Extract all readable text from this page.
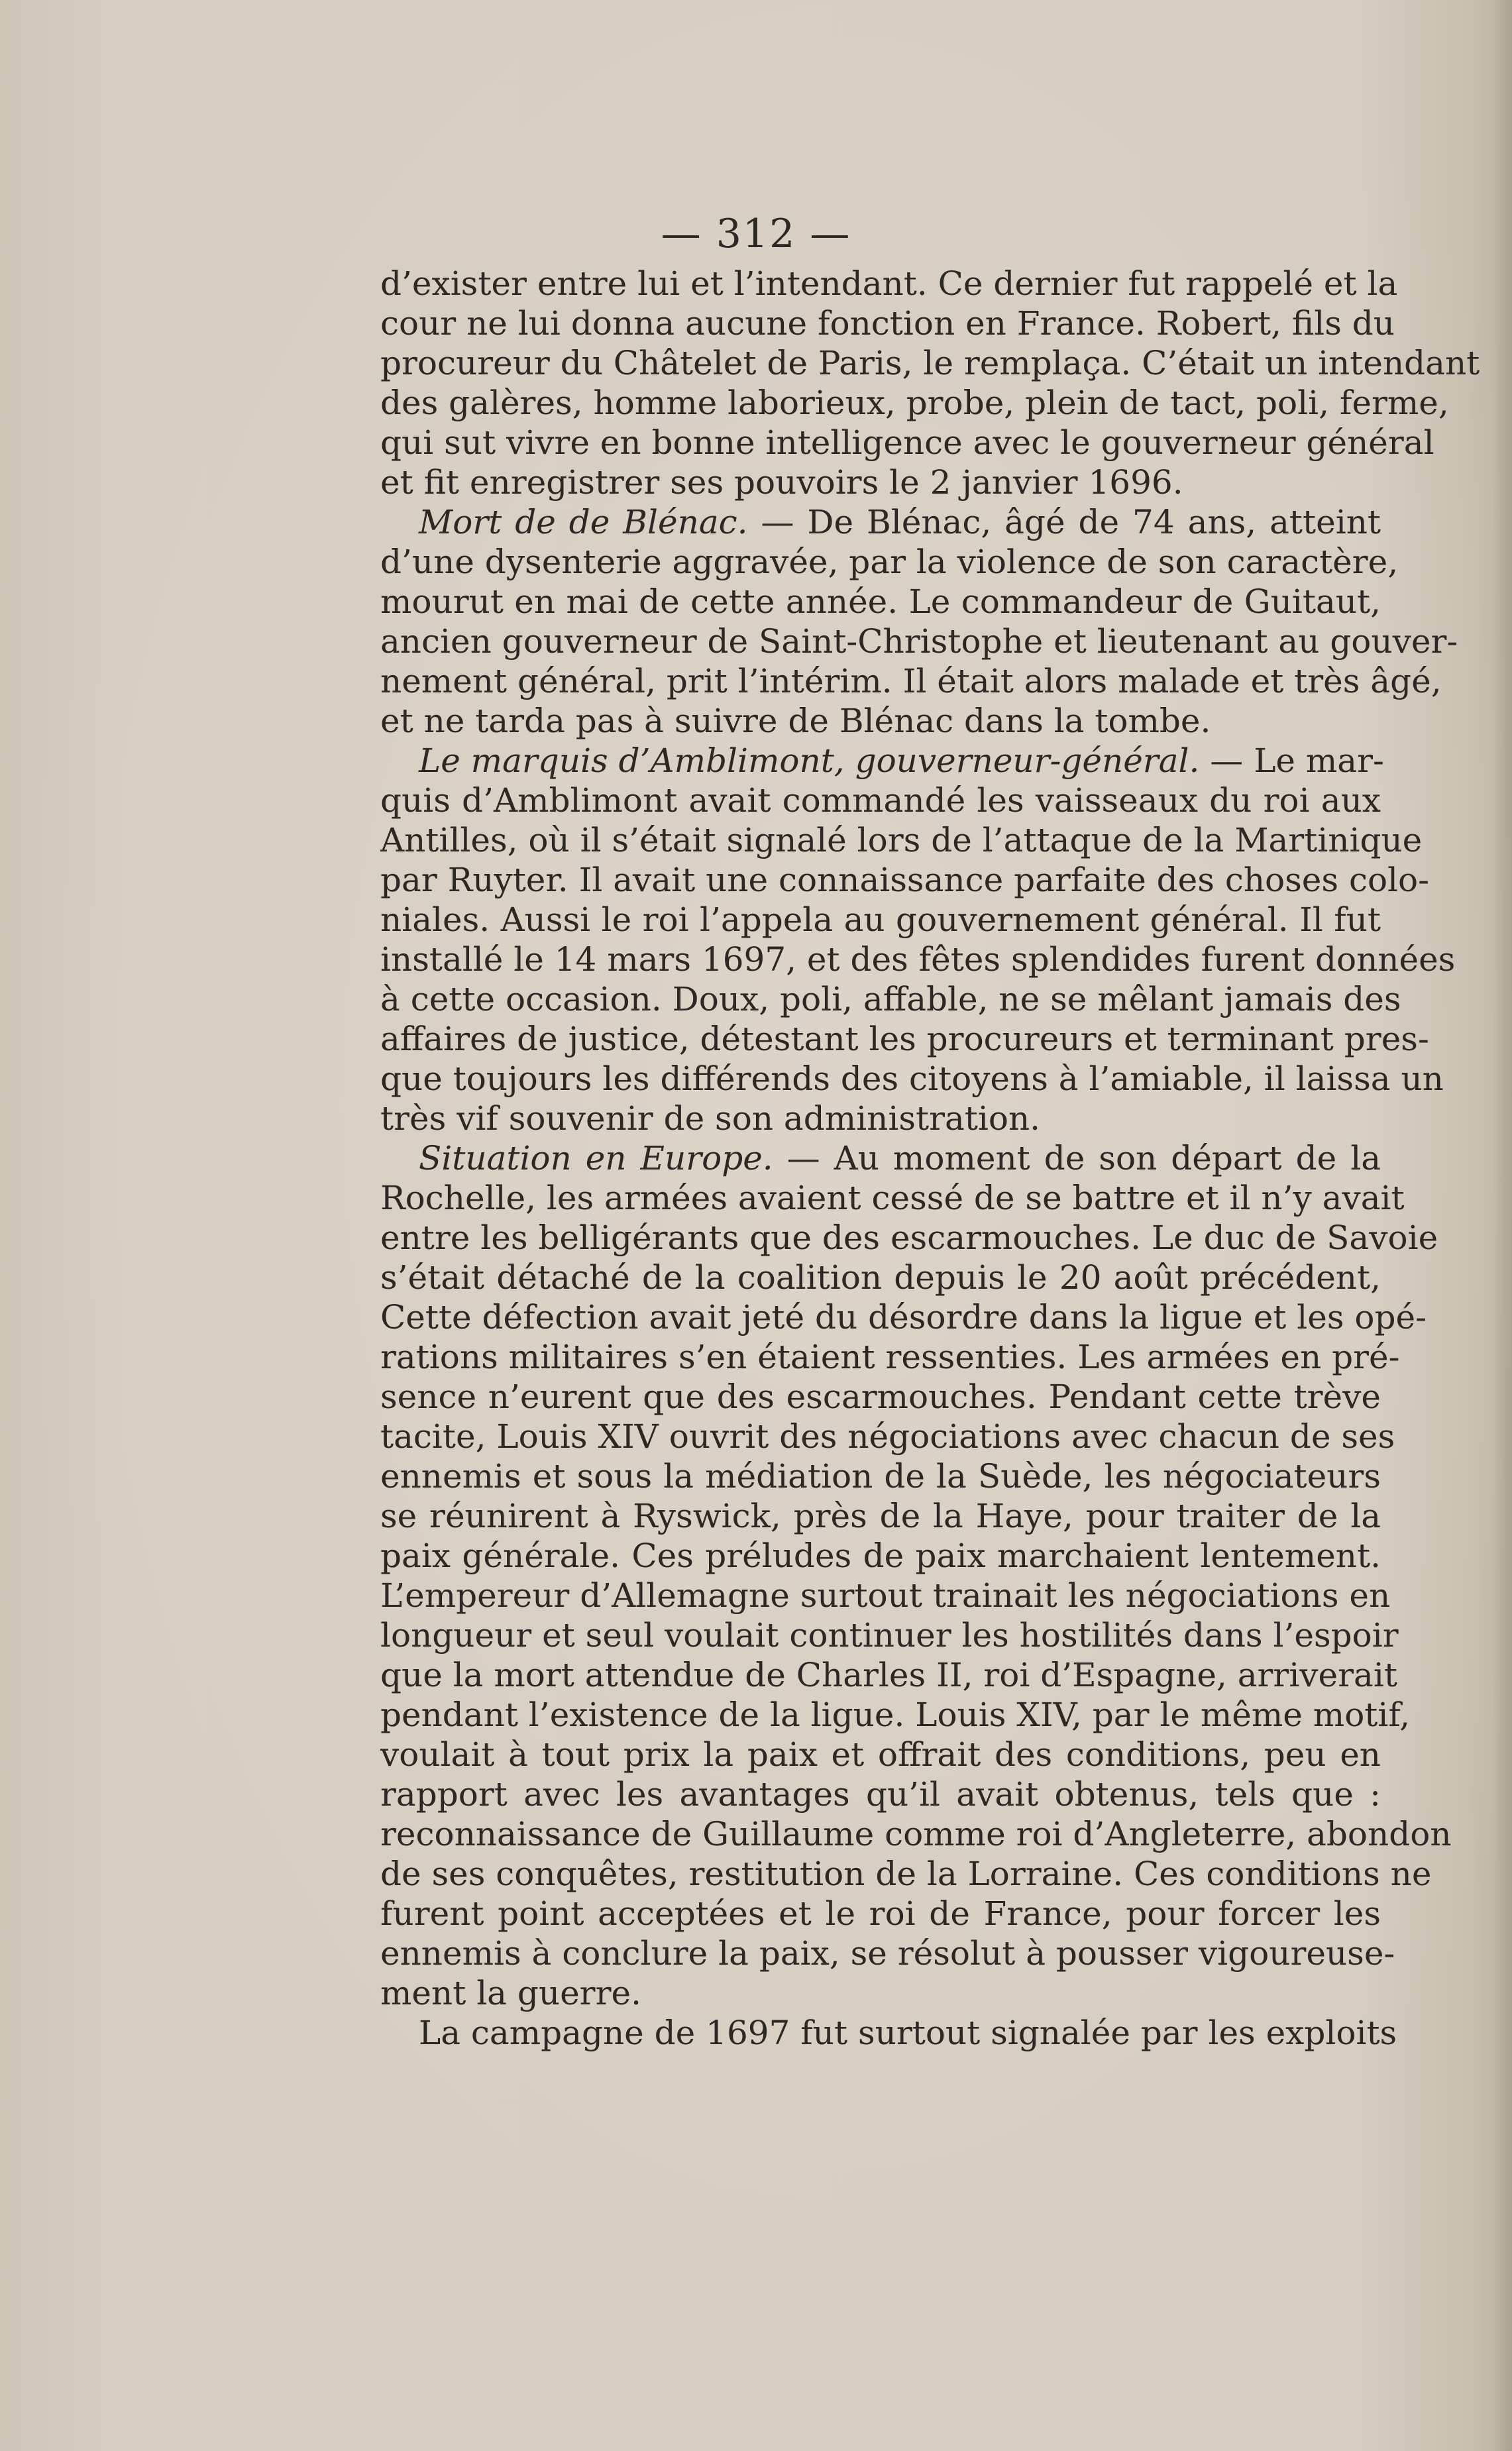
— 312 —
d’exister entre lui et l’intendant. Ce dernier fut rappelé et la
cour ne lui donna aucune fonction en France. Robert, fils du
procureur du Châtelet de Paris, le remplaça. C’était un intendant
des galères, homme laborieux, probe, plein de tact, poli, ferme,
qui sut vivre en bonne intelligence avec le gouverneur général
et fit enregistrer ses pouvoirs le 2 janvier 1696.
Mort de de Blénac. — De Blénac, âgé de 74 ans, atteint
d’une dysenterie aggravée, par la violence de son caractère,
mourut en mai de cette année. Le commandeur de Guitaut,
ancien gouverneur de Saint-Christophe et lieutenant au gouver-
nement général, prit l’intérim. Il était alors malade et très âgé,
et ne tarda pas à suivre de Blénac dans la tombe.
Le marquis d’Amblimont, gouverneur-général. — Le mar-
quis d’Amblimont avait commandé les vaisseaux du roi aux
Antilles, où il s’était signalé lors de l’attaque de la Martinique
par Ruyter. Il avait une connaissance parfaite des choses colo-
niales. Aussi le roi l’appela au gouvernement général. Il fut
installé le 14 mars 1697, et des fêtes splendides furent données
à cette occasion. Doux, poli, affable, ne se mêlant jamais des
affaires de justice, détestant les procureurs et terminant pres-
que toujours les différends des citoyens à l’amiable, il laissa un
très vif souvenir de son administration.
Situation en Europe. — Au moment de son départ de la
Rochelle, les armées avaient cessé de se battre et il n’y avait
entre les belligérants que des escarmouches. Le duc de Savoie
s’était détaché de la coalition depuis le 20 août précédent,
Cette défection avait jeté du désordre dans la ligue et les opé-
rations militaires s’en étaient ressenties. Les armées en pré-
sence n’eurent que des escarmouches. Pendant cette trève
tacite, Louis XIV ouvrit des négociations avec chacun de ses
ennemis et sous la médiation de la Suède, les négociateurs
se réunirent à Ryswick, près de la Haye, pour traiter de la
paix générale. Ces préludes de paix marchaient lentement.
L’empereur d’Allemagne surtout trainait les négociations en
longueur et seul voulait continuer les hostilités dans l’espoir
que la mort attendue de Charles II, roi d’Espagne, arriverait
pendant l’existence de la ligue. Louis XIV, par le même motif,
voulait à tout prix la paix et offrait des conditions, peu en
rapport avec les avantages qu’il avait obtenus, tels que :
reconnaissance de Guillaume comme roi d’Angleterre, abondon
de ses conquêtes, restitution de la Lorraine. Ces conditions ne
furent point acceptées et le roi de France, pour forcer les
ennemis à conclure la paix, se résolut à pousser vigoureuse-
ment la guerre.
La campagne de 1697 fut surtout signalée par les exploits
